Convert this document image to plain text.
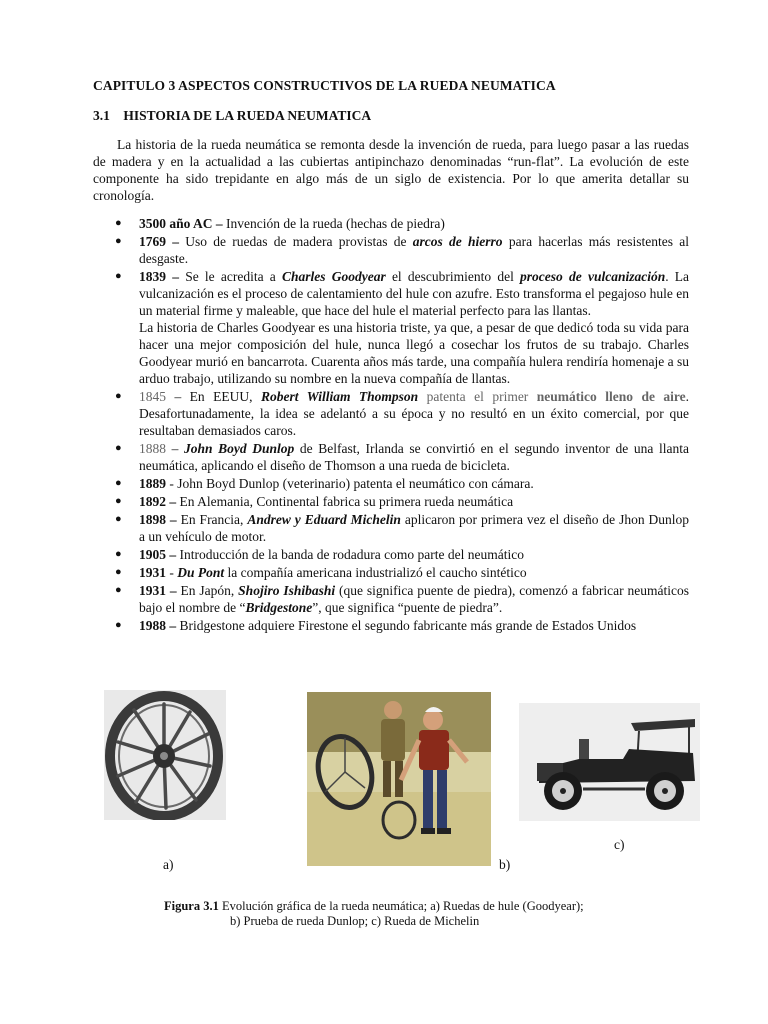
CAPITULO 3 ASPECTOS CONSTRUCTIVOS DE LA RUEDA NEUMATICA
3.1 HISTORIA DE LA RUEDA NEUMATICA

La historia de la rueda neumática se remonta desde la invención de rueda, para luego pasar a las ruedas de madera y en la actualidad a las cubiertas antipinchazo denominadas “run-flat”. La evolución de este componente ha sido trepidante en algo más de un siglo de existencia. Por lo que amerita detallar su cronología.

● 3500 año AC – Invención de la rueda (hechas de piedra)
● 1769 – Uso de ruedas de madera provistas de arcos de hierro para hacerlas más resistentes al desgaste.
● 1839 – Se le acredita a Charles Goodyear el descubrimiento del proceso de vulcanización. La vulcanización es el proceso de calentamiento del hule con azufre. Esto transforma el pegajoso hule en un material firme y maleable, que hace del hule el material perfecto para las llantas.
La historia de Charles Goodyear es una historia triste, ya que, a pesar de que dedicó toda su vida para hacer una mejor composición del hule, nunca llegó a cosechar los frutos de su trabajo. Charles Goodyear murió en bancarrota. Cuarenta años más tarde, una compañía hulera rendiría homenaje a su arduo trabajo, utilizando su nombre en la nueva compañía de llantas.
● 1845 – En EEUU, Robert William Thompson patenta el primer neumático lleno de aire. Desafortunadamente, la idea se adelantó a su época y no resultó en un éxito comercial, por que resultaban demasiados caros.
● 1888 – John Boyd Dunlop de Belfast, Irlanda se convirtió en el segundo inventor de una llanta neumática, aplicando el diseño de Thomson a una rueda de bicicleta.
● 1889 - John Boyd Dunlop (veterinario) patenta el neumático con cámara.
● 1892 – En Alemania, Continental fabrica su primera rueda neumática
● 1898 – En Francia, Andrew y Eduard Michelin aplicaron por primera vez el diseño de Jhon Dunlop a un vehículo de motor.
● 1905 – Introducción de la banda de rodadura como parte del neumático
● 1931 - Du Pont la compañía americana industrializó el caucho sintético
● 1931 – En Japón, Shojiro Ishibashi (que significa puente de piedra), comenzó a fabricar neumáticos bajo el nombre de “Bridgestone”, que significa “puente de piedra”.
● 1988 – Bridgestone adquiere Firestone el segundo fabricante más grande de Estados Unidos
a)	b)
c)
Figura 3.1 Evolución gráfica de la rueda neumática; a) Ruedas de hule (Goodyear);
b) Prueba de rueda Dunlop; c) Rueda de Michelin
